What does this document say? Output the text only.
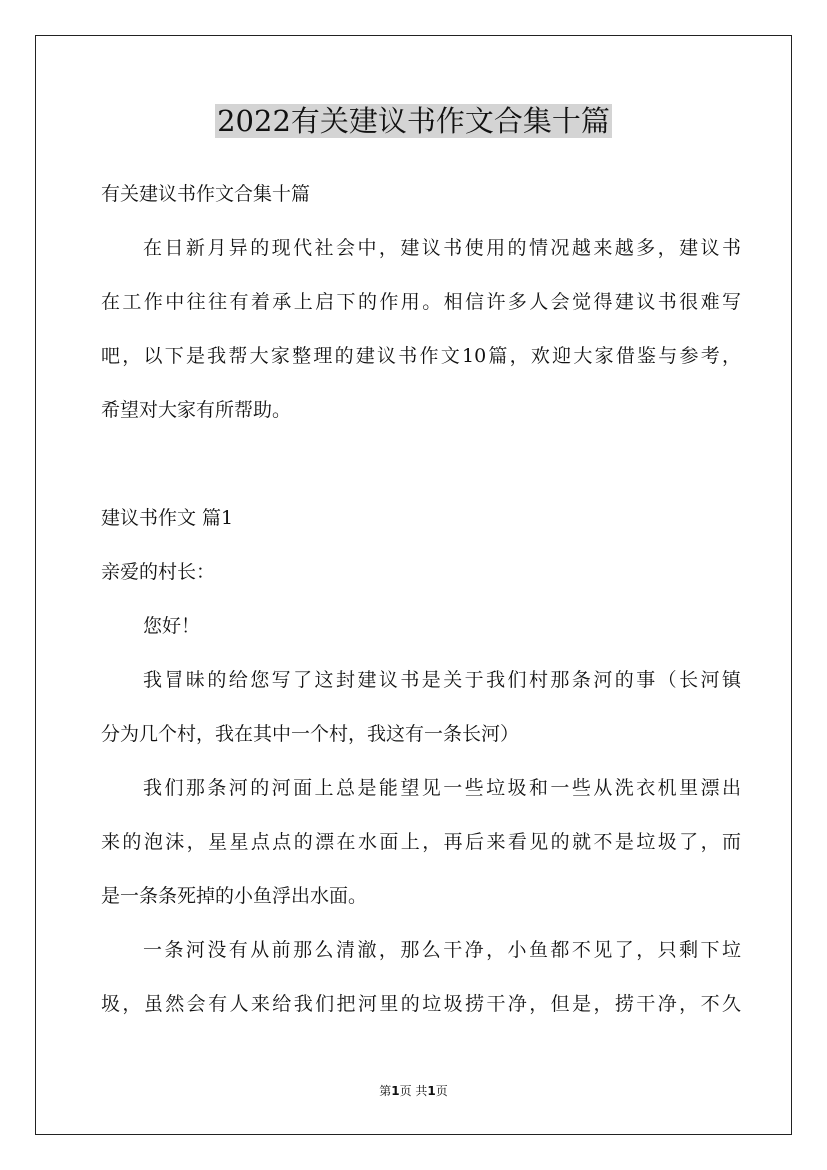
2022有关建议书作文合集十篇
有关建议书作文合集十篇
在日新月异的现代社会中，建议书使用的情况越来越多，建议书
在工作中往往有着承上启下的作用。相信许多人会觉得建议书很难写
吧，以下是我帮大家整理的建议书作文10篇，欢迎大家借鉴与参考，
希望对大家有所帮助。
建议书作文 篇1
亲爱的村长：
您好！
我冒昧的给您写了这封建议书是关于我们村那条河的事（长河镇
分为几个村，我在其中一个村，我这有一条长河）
我们那条河的河面上总是能望见一些垃圾和一些从洗衣机里漂出
来的泡沫，星星点点的漂在水面上，再后来看见的就不是垃圾了，而
是一条条死掉的小鱼浮出水面。
一条河没有从前那么清澈，那么干净，小鱼都不见了，只剩下垃
圾，虽然会有人来给我们把河里的垃圾捞干净，但是，捞干净，不久
第1页 共1页
